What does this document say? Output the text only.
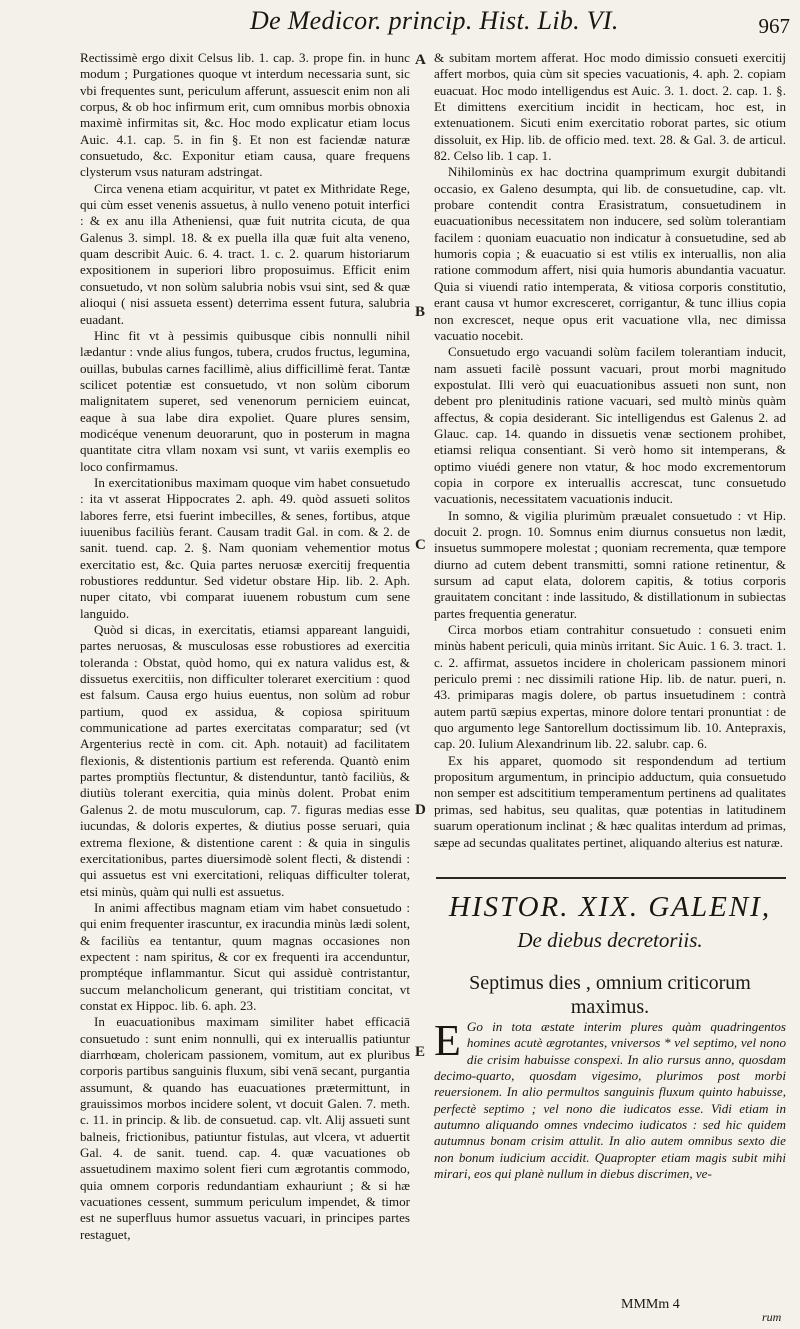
De Medicor. princip. Hist. Lib. VI.	967

Rectissimè ergo dixit Celsus lib. 1. cap. 3. prope fin. in hunc modum ; Purgationes quoque vt interdum necessaria sunt, sic vbi frequentes sunt, periculum afferunt, assuescit enim non ali corpus, & ob hoc infirmum erit, cum omnibus morbis obnoxia maximè infirmitas sit, &c. Hoc modo explicatur etiam locus Auic. 4.1. cap. 5. in fin §. Et non est faciendæ naturæ consuetudo, &c. Exponitur etiam causa, quare frequens clysterum vsus naturam adstringat.

Circa venena etiam acquiritur, vt patet ex Mithridate Rege, qui cùm esset venenis assuetus, à nullo veneno potuit interfici : & ex anu illa Atheniensi, quæ fuit nutrita cicuta, de qua Galenus 3. simpl. 18. & ex puella illa quæ fuit alta veneno, quam describit Auic. 6. 4. tract. 1. c. 2. quarum historiarum expositionem in superiori libro proposuimus. Efficit enim consuetudo, vt non solùm salubria nobis vsui sint, sed & quæ alioqui ( nisi assueta essent) deterrima essent futura, salubria euadant.

Hinc fit vt à pessimis quibusque cibis nonnulli nihil lædantur : vnde alius fungos, tubera, crudos fructus, legumina, ouillas, bubulas carnes facillimè, alius difficillimè ferat. Tantæ scilicet potentiæ est consuetudo, vt non solùm ciborum malignitatem superet, sed venenorum perniciem euincat, eaque à sua labe dira expoliet. Quare plures sensim, modicéque venenum deuorarunt, quo in posterum in magna quantitate citra vllam noxam vsi sunt, vt variis exemplis eo loco confirmamus.

In exercitationibus maximam quoque vim habet consuetudo : ita vt asserat Hippocrates 2. aph. 49. quòd assueti solitos labores ferre, etsi fuerint imbecilles, & senes, fortibus, atque iuuenibus faciliùs ferant. Causam tradit Gal. in com. & 2. de sanit. tuend. cap. 2. §. Nam quoniam vehementior motus exercitatio est, &c. Quia partes neruosæ exercitij frequentia robustiores redduntur. Sed videtur obstare Hip. lib. 2. Aph. nuper citato, vbi comparat iuuenem robustum cum sene languido.

Quòd si dicas, in exercitatis, etiamsi appareant languidi, partes neruosas, & musculosas esse robustiores ad exercitia toleranda : Obstat, quòd homo, qui ex natura validus est, & dissuetus exercitiis, non difficulter toleraret exercitium : quod est falsum. Causa ergo huius euentus, non solùm ad robur partium, quod ex assidua, & copiosa spirituum communicatione ad partes exercitatas comparatur; sed (vt Argenterius rectè in com. cit. Aph. notauit) ad facilitatem flexionis, & distentionis partium est referenda. Quantò enim partes promptiùs flectuntur, & distenduntur, tantò faciliùs, & diutiùs tolerant exercitia, quia minùs dolent. Probat enim Galenus 2. de motu musculorum, cap. 7. figuras medias esse iucundas, & doloris expertes, & diutius posse seruari, quia extrema flexione, & distentione carent : & quia in singulis exercitationibus, partes diuersimodè solent flecti, & distendi : qui assuetus est vni exercitationi, reliquas difficulter tolerat, etsi minùs, quàm qui nulli est assuetus.

In animi affectibus magnam etiam vim habet consuetudo : qui enim frequenter irascuntur, ex iracundia minùs lædi solent, & faciliùs ea tentantur, quum magnas occasiones non expectent : nam spiritus, & cor ex frequenti ira accenduntur, promptéque inflammantur. Sicut qui assiduè contristantur, succum melancholicum generant, qui tristitiam concitat, vt constat ex Hippoc. lib. 6. aph. 23.

In euacuationibus maximam similiter habet efficaciā consuetudo : sunt enim nonnulli, qui ex interuallis patiuntur diarrhœam, cholericam passionem, vomitum, aut ex pluribus corporis partibus sanguinis fluxum, sibi venā secant, purgantia assumunt, & quando has euacuationes prætermittunt, in grauissimos morbos incidere solent, vt docuit Galen. 7. meth. c. 11. in princip. & lib. de consuetud. cap. vlt. Alij assueti sunt balneis, frictionibus, patiuntur fistulas, aut vlcera, vt aduertit Gal. 4. de sanit. tuend. cap. 4. quæ vacuationes ob assuetudinem maximo solent fieri cum ægrotantis commodo, quia omnem corporis redundantiam exhauriunt ; & si hæ vacuationes cessent, summum periculum impendet, & timor est ne superfluus humor assuetus vacuari, in principes partes restaguet,

A
B
C
D
E

& subitam mortem afferat. Hoc modo dimissio consueti exercitij affert morbos, quia cùm sit species vacuationis, 4. aph. 2. copiam euacuat. Hoc modo intelligendus est Auic. 3. 1. doct. 2. cap. 1. §. Et dimittens exercitium incidit in hecticam, hoc est, in extenuationem. Sicuti enim exercitatio roborat partes, sic otium dissoluit, ex Hip. lib. de officio med. text. 28. & Gal. 3. de articul. 82. Celso lib. 1 cap. 1.

Nihilominùs ex hac doctrina quamprimum exurgit dubitandi occasio, ex Galeno desumpta, qui lib. de consuetudine, cap. vlt. probare contendit contra Erasistratum, consuetudinem in euacuationibus necessitatem non inducere, sed solùm tolerantiam facilem : quoniam euacuatio non indicatur à consuetudine, sed ab humoris copia ; & euacuatio si est vtilis ex interuallis, non alia ratione commodum affert, nisi quia humoris abundantia vacuatur. Quia si viuendi ratio intemperata, & vitiosa corporis constitutio, erant causa vt humor excresceret, corrigantur, & tunc illius copia non excrescet, neque opus erit vacuatione vlla, nec dimissa vacuatio nocebit.

Consuetudo ergo vacuandi solùm facilem tolerantiam inducit, nam assueti facilè possunt vacuari, prout morbi magnitudo expostulat. Illi verò qui euacuationibus assueti non sunt, non debent pro plenitudinis ratione vacuari, sed multò minùs quàm affectus, & copia desiderant. Sic intelligendus est Galenus 2. ad Glauc. cap. 14. quando in dissuetis venæ sectionem prohibet, etiamsi reliqua consentiant. Si verò homo sit intemperans, & optimo viuédi genere non vtatur, & hoc modo excrementorum copia in corpore ex interuallis accrescat, tunc consuetudo vacuationis, necessitatem vacuationis inducit.

In somno, & vigilia plurimùm præualet consuetudo : vt Hip. docuit 2. progn. 10. Somnus enim diurnus consuetus non lædit, insuetus summopere molestat ; quoniam recrementa, quæ tempore diurno ad cutem debent transmitti, somni ratione retinentur, & sursum ad caput elata, dolorem capitis, & totius corporis grauitatem concitant : inde lassitudo, & distillationum in subiectas partes frequentia generatur.

Circa morbos etiam contrahitur consuetudo : consueti enim minùs habent periculi, quia minùs irritant. Sic Auic. 1 6. 3. tract. 1. c. 2. affirmat, assuetos incidere in cholericam passionem minori periculo premi : nec dissimili ratione Hip. lib. de natur. pueri, n. 43. primiparas magis dolere, ob partus insuetudinem : contrà autem partū sæpius expertas, minore dolore tentari pronuntiat : de quo argumento lege Santorellum doctissimum lib. 10. Antepraxis, cap. 20. Iulium Alexandrinum lib. 22. salubr. cap. 6.

Ex his apparet, quomodo sit respondendum ad tertium propositum argumentum, in principio adductum, quia consuetudo non semper est adscititium temperamentum pertinens ad qualitates primas, sed habitus, seu qualitas, quæ potentias in latitudinem suarum operationum inclinat ; & hæc qualitas interdum ad primas, sæpe ad secundas qualitates pertinet, aliquando alterius est naturæ.

HISTOR. XIX. GALENI,
De diebus decretoriis.
Septimus dies , omnium criticorum maximus.

E Go in tota æstate interim plures quàm quadringentos homines acutè ægrotantes, vniversos * vel septimo, vel nono die crisim habuisse conspexi. In alio rursus anno, quosdam decimo-quarto, quosdam vigesimo, plurimos post morbi reuersionem. In alio permultos sanguinis fluxum quinto habuisse, perfectè septimo ; vel nono die iudicatos esse. Vidi etiam in autumno aliquando omnes vndecimo iudicatos : sed hic quidem autumnus bonam crisim attulit. In alio autem omnibus sexto die non bonum iudicium accidit. Quapropter etiam magis subit mihi mirari, eos qui planè nullum in diebus discrimen, ve-

MMMm 4
rum
